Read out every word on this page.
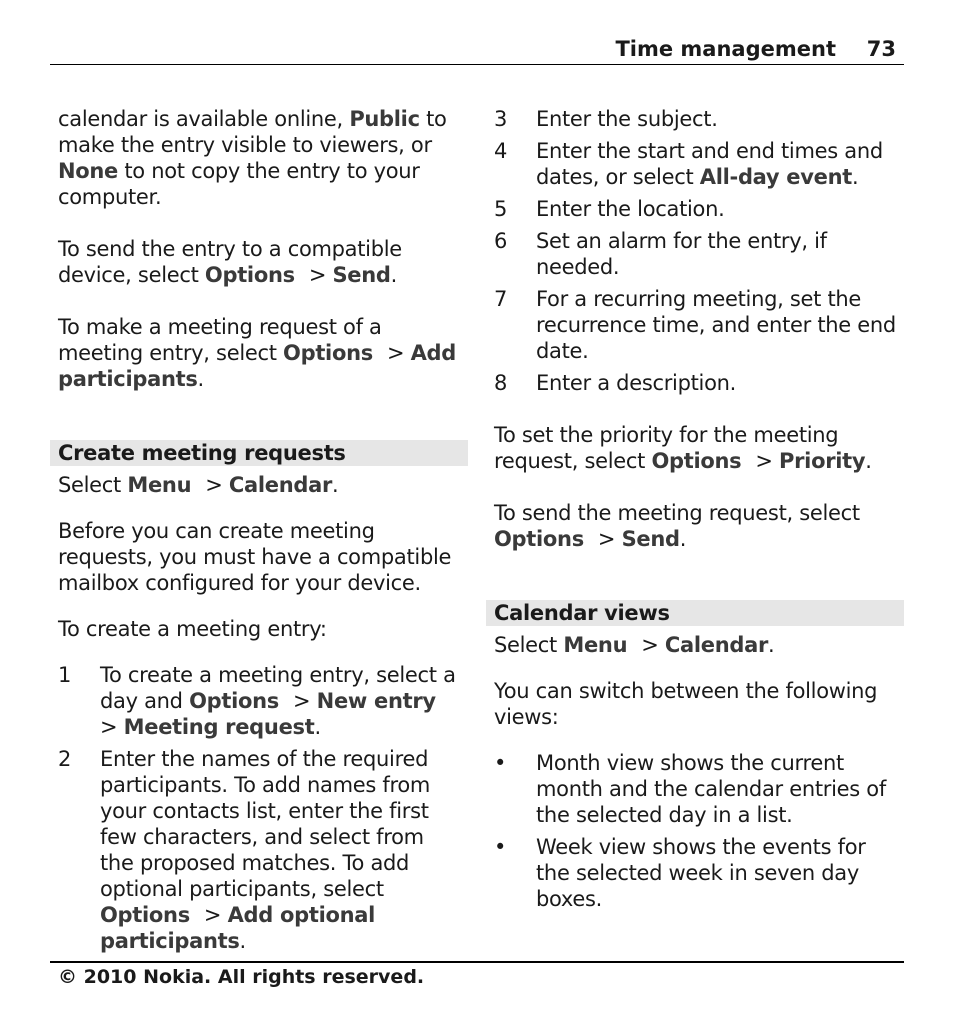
Time management 73

calendar is available online, Public to make the entry visible to viewers, or None to not copy the entry to your computer.

To send the entry to a compatible device, select Options > Send.

To make a meeting request of a meeting entry, select Options > Add participants.

Create meeting requests

Select Menu > Calendar.

Before you can create meeting requests, you must have a compatible mailbox configured for your device.

To create a meeting entry:

1 To create a meeting entry, select a day and Options > New entry> Meeting request.
2 Enter the names of the required participants. To add names from your contacts list, enter the first few characters, and select from the proposed matches. To add optional participants, select Options > Add optional participants.
3 Enter the subject.
4 Enter the start and end times and dates, or select All-day event.
5 Enter the location.
6 Set an alarm for the entry, if needed.
7 For a recurring meeting, set the recurrence time, and enter the end date.
8 Enter a description.

To set the priority for the meeting request, select Options > Priority.

To send the meeting request, select Options > Send.

Calendar views

Select Menu > Calendar.

You can switch between the following views:

• Month view shows the current month and the calendar entries of the selected day in a list.
• Week view shows the events for the selected week in seven day boxes.
© 2010 Nokia. All rights reserved.
